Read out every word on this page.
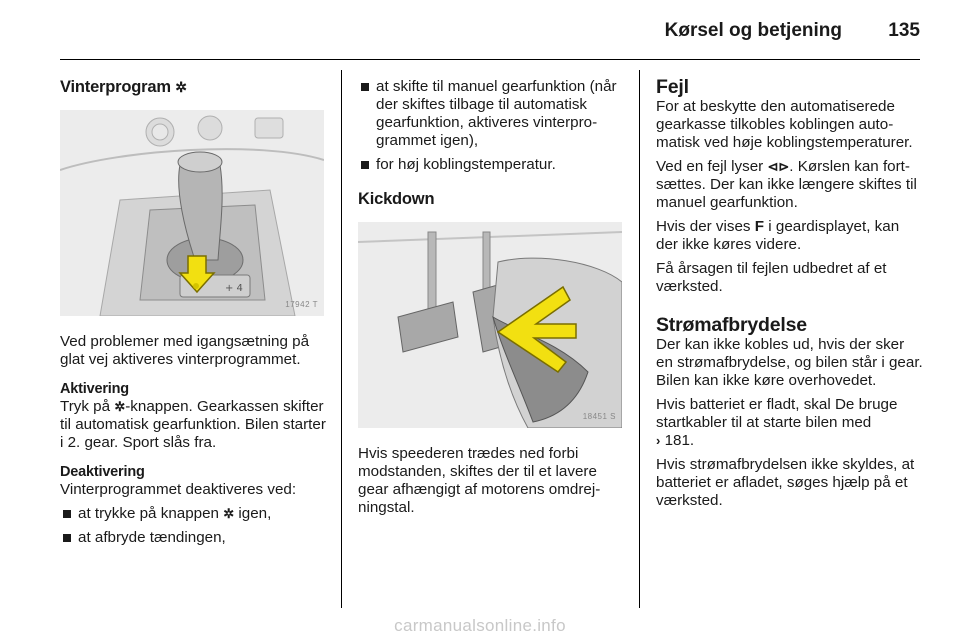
Kørsel og betjening 135
Vinterprogram ✲
+ 4
17942 T

Ved problemer med igangsætning på glat vej aktiveres vinterprogrammet.

Aktivering

Tryk på ✲-knappen. Gearkassen skifter til automatisk gearfunktion. Bilen starter i 2. gear. Sport slås fra.

Deaktivering

Vinterprogrammet deaktiveres ved:

at trykke på knappen ✲ igen,

at afbryde tændingen,

at skifte til manuel gearfunktion (når der skiftes tilbage til automatisk gearfunktion, aktiveres vinterprogrammet igen),

for høj koblingstemperatur.

Kickdown
18451 S

Hvis speederen trædes ned forbi modstanden, skiftes der til et lavere gear afhængigt af motorens omdrejningstal.

Fejl

For at beskytte den automatiserede gearkasse tilkobles koblingen automatisk ved høje koblingstemperaturer.

Ved en fejl lyser ⊲⊳. Kørslen kan fortsættes. Der kan ikke længere skiftes til manuel gearfunktion.

Hvis der vises F i geardisplayet, kan der ikke køres videre.

Få årsagen til fejlen udbedret af et værksted.

Strømafbrydelse

Der kan ikke kobles ud, hvis der sker en strømafbrydelse, og bilen står i gear. Bilen kan ikke køre overhovedet.

Hvis batteriet er fladt, skal De bruge startkabler til at starte bilen med
› 181.

Hvis strømafbrydelsen ikke skyldes, at batteriet er afladet, søges hjælp på et værksted.

carmanualsonline.info
